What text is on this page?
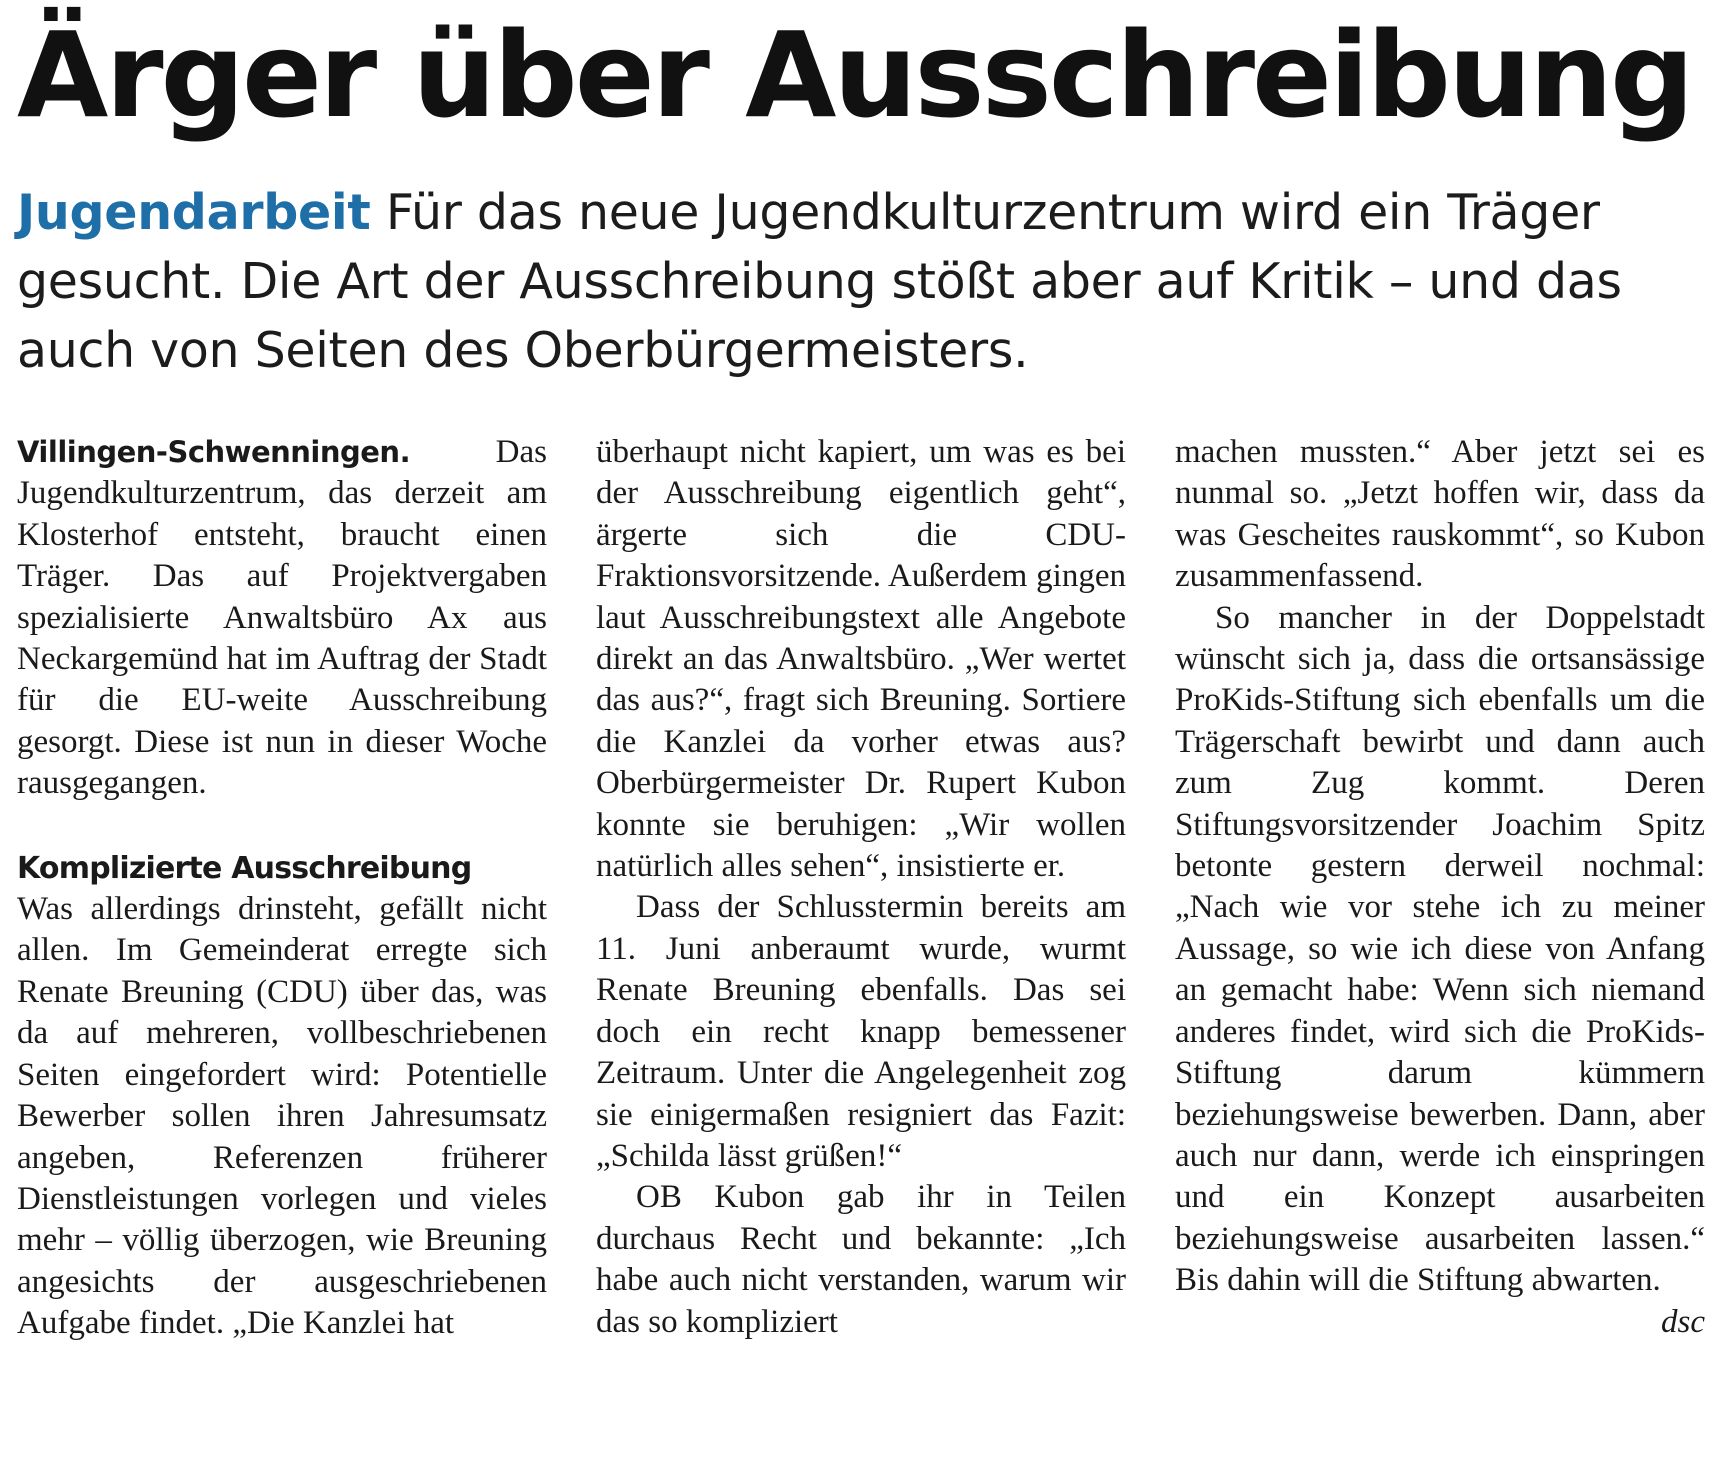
Ärger über Ausschreibung

Jugendarbeit Für das neue Jugendkulturzentrum wird ein Träger gesucht. Die Art der Ausschreibung stößt aber auf Kritik – und das auch von Seiten des Oberbürgermeisters.

Villingen-Schwenningen.	Das Jugendkulturzentrum, das derzeit am Klosterhof entsteht, braucht einen Träger. Das auf Projektvergaben spezialisierte Anwaltsbüro Ax aus Neckargemünd hat im Auftrag der Stadt für die EU-weite Ausschreibung gesorgt. Diese ist nun in dieser Woche rausgegangen.

Komplizierte Ausschreibung

Was allerdings drinsteht, gefällt nicht allen. Im Gemeinderat erregte sich Renate Breuning (CDU) über das, was da auf mehreren, vollbeschriebenen Seiten eingefordert wird: Potentielle Bewerber sollen ihren Jahresumsatz angeben, Referenzen früherer Dienstleistungen vorlegen und vieles mehr – völlig überzogen, wie Breuning angesichts der ausgeschriebenen Aufgabe findet. „Die Kanzlei hat

überhaupt nicht kapiert, um was es bei der Ausschreibung eigentlich geht“, ärgerte sich die CDU-Fraktionsvorsitzende. Außerdem gingen laut Ausschreibungstext alle Angebote direkt an das Anwaltsbüro. „Wer wertet das aus?“, fragt sich Breuning. Sortiere die Kanzlei da vorher etwas aus? Oberbürgermeister Dr. Rupert Kubon konnte sie beruhigen: „Wir wollen natürlich alles sehen“, insistierte er.

Dass der Schlusstermin bereits am 11. Juni anberaumt wurde, wurmt Renate Breuning ebenfalls. Das sei doch ein recht knapp bemessener Zeitraum. Unter die Angelegenheit zog sie einigermaßen resigniert das Fazit: „Schilda lässt grüßen!“

OB Kubon gab ihr in Teilen durchaus Recht und bekannte: „Ich habe auch nicht verstanden, warum wir das so kompliziert

machen mussten.“ Aber jetzt sei es nunmal so. „Jetzt hoffen wir, dass da was Gescheites rauskommt“, so Kubon zusammenfassend.

So mancher in der Doppelstadt wünscht sich ja, dass die ortsansässige ProKids-Stiftung sich ebenfalls um die Trägerschaft bewirbt und dann auch zum Zug kommt. Deren Stiftungsvorsitzender Joachim Spitz betonte gestern derweil nochmal: „Nach wie vor stehe ich zu meiner Aussage, so wie ich diese von Anfang an gemacht habe: Wenn sich niemand anderes findet, wird sich die ProKids-Stiftung darum kümmern beziehungsweise bewerben. Dann, aber auch nur dann, werde ich einspringen und ein Konzept ausarbeiten beziehungsweise ausarbeiten lassen.“ Bis dahin will die Stiftung abwarten.
dsc
